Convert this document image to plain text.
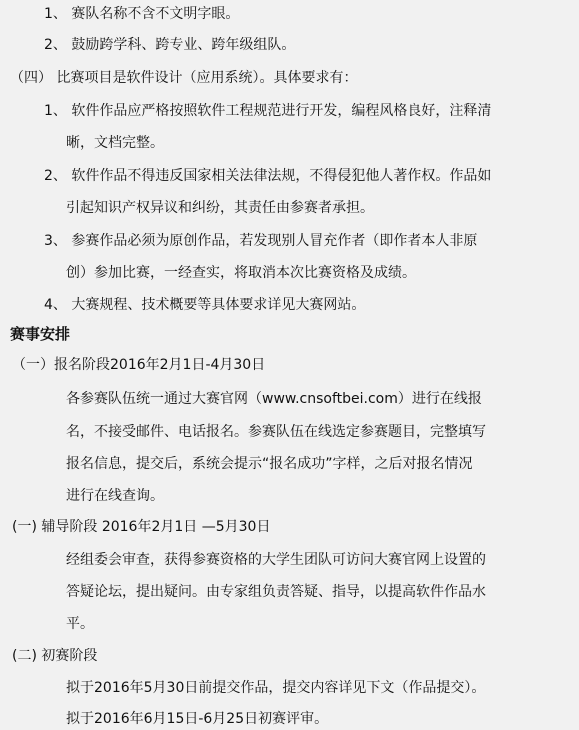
1、 赛队名称不含不文明字眼。
2、 鼓励跨学科、跨专业、跨年级组队。
（四） 比赛项目是软件设计（应用系统）。具体要求有：
1、 软件作品应严格按照软件工程规范进行开发，编程风格良好，注释清
晰，文档完整。
2、 软件作品不得违反国家相关法律法规，不得侵犯他人著作权。作品如
引起知识产权异议和纠纷，其责任由参赛者承担。
3、 参赛作品必须为原创作品，若发现别人冒充作者（即作者本人非原
创）参加比赛，一经查实，将取消本次比赛资格及成绩。
4、 大赛规程、技术概要等具体要求详见大赛网站。
赛事安排
（一）报名阶段2016年2月1日-4月30日
各参赛队伍统一通过大赛官网（www.cnsoftbei.com）进行在线报
名，不接受邮件、电话报名。参赛队伍在线选定参赛题目，完整填写
报名信息，提交后，系统会提示“报名成功”字样，之后对报名情况
进行在线查询。
(一) 辅导阶段 2016年2月1日 —5月30日
经组委会审查，获得参赛资格的大学生团队可访问大赛官网上设置的
答疑论坛，提出疑问。由专家组负责答疑、指导，以提高软件作品水
平。
(二) 初赛阶段
拟于2016年5月30日前提交作品，提交内容详见下文（作品提交）。
拟于2016年6月15日-6月25日初赛评审。
